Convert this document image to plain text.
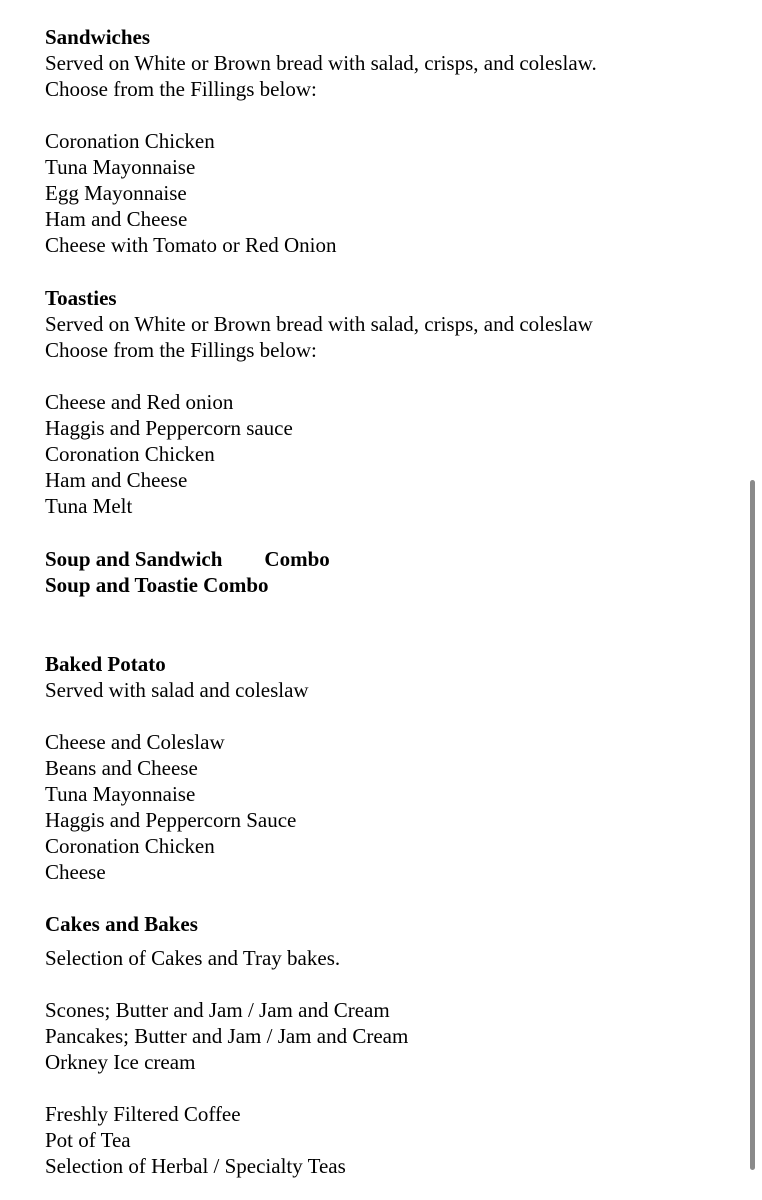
Sandwiches
Served on White or Brown bread with salad, crisps, and coleslaw.
Choose from the Fillings below:
Coronation Chicken
Tuna Mayonnaise
Egg Mayonnaise
Ham and Cheese
Cheese with Tomato or Red Onion
Toasties
Served on White or Brown bread with salad, crisps, and coleslaw
Choose from the Fillings below:
Cheese and Red onion
Haggis and Peppercorn sauce
Coronation Chicken
Ham and Cheese
Tuna Melt
Soup and Sandwich        Combo
Soup and Toastie Combo
Baked Potato
Served with salad and coleslaw
Cheese and Coleslaw
Beans and Cheese
Tuna Mayonnaise
Haggis and Peppercorn Sauce
Coronation Chicken
Cheese
Cakes and Bakes
Selection of Cakes and Tray bakes.
Scones; Butter and Jam / Jam and Cream
Pancakes; Butter and Jam / Jam and Cream
Orkney Ice cream
Freshly Filtered Coffee
Pot of Tea
Selection of Herbal / Specialty Teas
